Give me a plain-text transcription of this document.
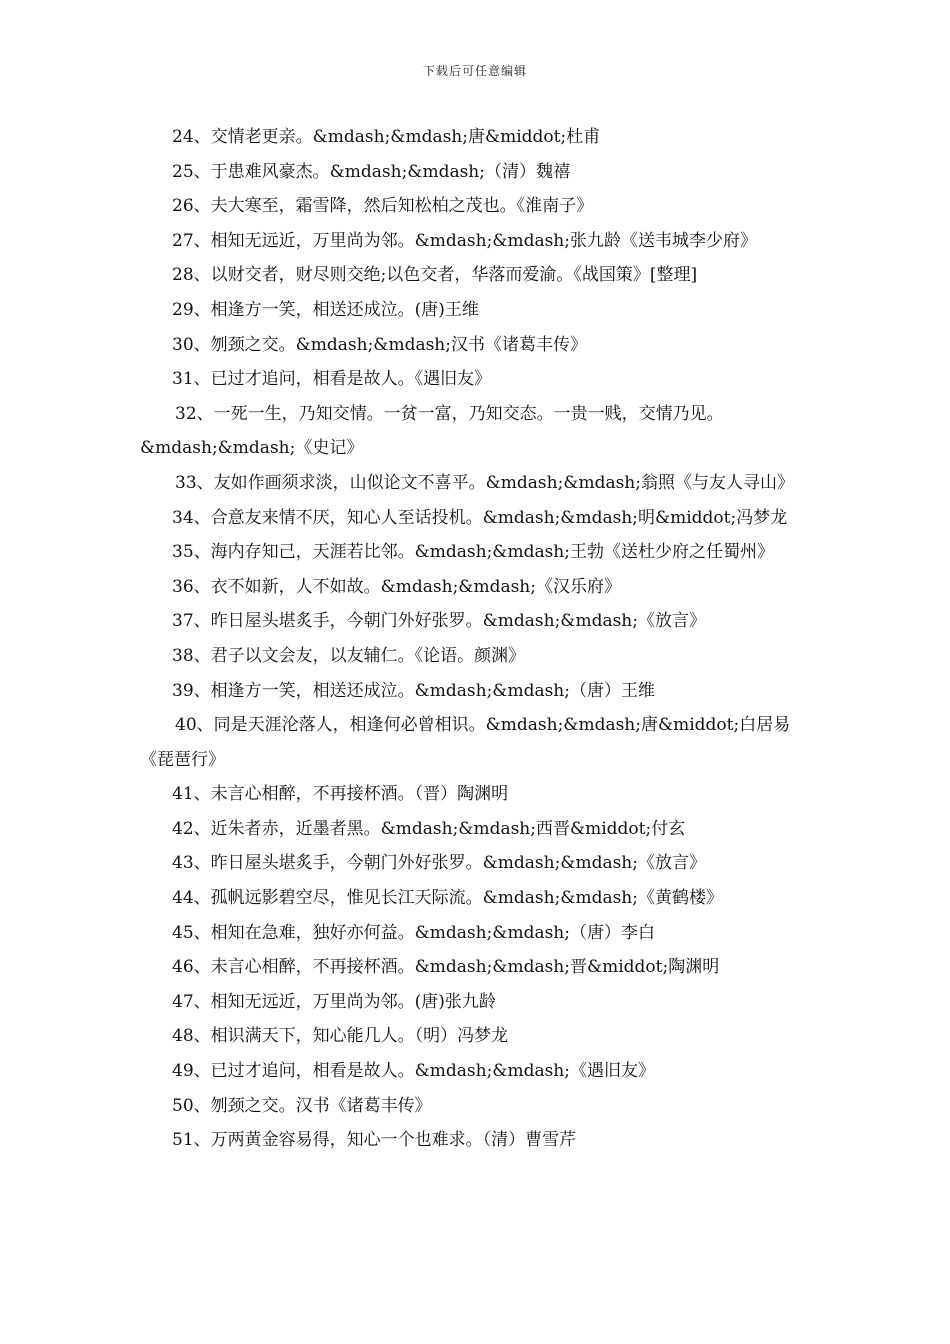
下载后可任意编辑
24、交情老更亲。&mdash;&mdash;唐&middot;杜甫
25、于患难风豪杰。&mdash;&mdash;（清）魏禧
26、夫大寒至，霜雪降，然后知松柏之茂也。《淮南子》
27、相知无远近，万里尚为邻。&mdash;&mdash;张九龄《送韦城李少府》
28、以财交者，财尽则交绝;以色交者，华落而爱渝。《战国策》[整理]
29、相逢方一笑，相送还成泣。(唐)王维
30、刎颈之交。&mdash;&mdash;汉书《诸葛丰传》
31、已过才追问，相看是故人。《遇旧友》
32、一死一生，乃知交情。一贫一富，乃知交态。一贵一贱，交情乃见。&mdash;&mdash;《史记》
33、友如作画须求淡，山似论文不喜平。&mdash;&mdash;翁照《与友人寻山》
34、合意友来情不厌，知心人至话投机。&mdash;&mdash;明&middot;冯梦龙
35、海内存知己，天涯若比邻。&mdash;&mdash;王勃《送杜少府之任蜀州》
36、衣不如新，人不如故。&mdash;&mdash;《汉乐府》
37、昨日屋头堪炙手，今朝门外好张罗。&mdash;&mdash;《放言》
38、君子以文会友，以友辅仁。《论语。颜渊》
39、相逢方一笑，相送还成泣。&mdash;&mdash;（唐）王维
40、同是天涯沦落人，相逢何必曾相识。&mdash;&mdash;唐&middot;白居易《琵琶行》
41、未言心相醉，不再接杯酒。（晋）陶渊明
42、近朱者赤，近墨者黑。&mdash;&mdash;西晋&middot;付玄
43、昨日屋头堪炙手，今朝门外好张罗。&mdash;&mdash;《放言》
44、孤帆远影碧空尽，惟见长江天际流。&mdash;&mdash;《黄鹤楼》
45、相知在急难，独好亦何益。&mdash;&mdash;（唐）李白
46、未言心相醉，不再接杯酒。&mdash;&mdash;晋&middot;陶渊明
47、相知无远近，万里尚为邻。(唐)张九龄
48、相识满天下，知心能几人。（明）冯梦龙
49、已过才追问，相看是故人。&mdash;&mdash;《遇旧友》
50、刎颈之交。汉书《诸葛丰传》
51、万两黄金容易得，知心一个也难求。（清）曹雪芹
